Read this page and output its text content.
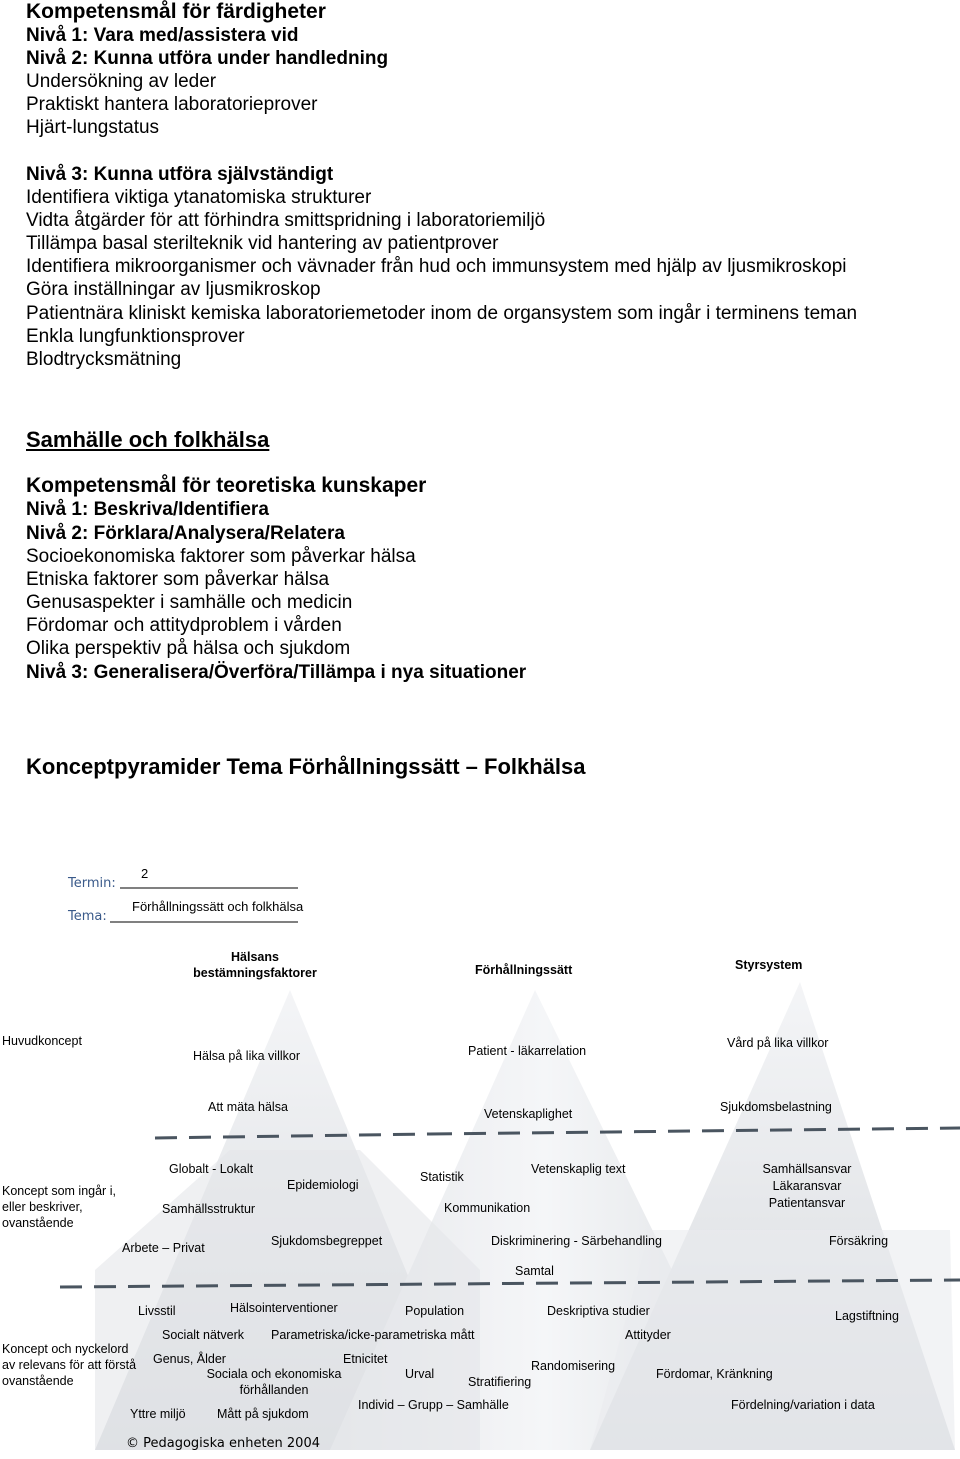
Kompetensmål för färdigheter
Nivå 1: Vara med/assistera vid
Nivå 2: Kunna utföra under handledning
Undersökning av leder
Praktiskt hantera laboratorieprover
Hjärt-lungstatus
Nivå 3: Kunna utföra självständigt
Identifiera viktiga ytanatomiska strukturer
Vidta åtgärder för att förhindra smittspridning i laboratoriemiljö
Tillämpa basal sterilteknik vid hantering av patientprover
Identifiera mikroorganismer och vävnader från hud och immunsystem med hjälp av ljusmikroskopi
Göra inställningar av ljusmikroskop
Patientnära kliniskt kemiska laboratoriemetoder inom de organsystem som ingår i terminens teman
Enkla lungfunktionsprover
Blodtrycksmätning
Samhälle och folkhälsa
Kompetensmål för teoretiska kunskaper
Nivå 1: Beskriva/Identifiera
Nivå 2: Förklara/Analysera/Relatera
Socioekonomiska faktorer som påverkar hälsa
Etniska faktorer som påverkar hälsa
Genusaspekter i samhälle och medicin
Fördomar och attitydproblem i vården
Olika perspektiv på hälsa och sjukdom
Nivå 3: Generalisera/Överföra/Tillämpa i nya situationer
Konceptpyramider Tema Förhållningssätt – Folkhälsa
Termin:
2
Tema:
Förhållningssätt och folkhälsa
Hälsans bestämningsfaktorer	Förhållningssätt	Styrsystem
Huvudkoncept
Koncept som ingår i, eller beskriver, ovanstående
Koncept och nyckelord av relevans för att förstå ovanstående
Hälsa på lika villkor	Patient - läkarrelation
Vård på lika villkor
Att mäta hälsa	Vetenskaplighet	Sjukdomsbelastning
Globalt - Lokalt
Epidemiologi
Samhällsstruktur
Arbete – Privat	Sjukdomsbegreppet
Statistik
Vetenskaplig text
Kommunikation
Diskriminering - Särbehandling
Samtal
Samhällsansvar
Läkaransvar
Patientansvar
Försäkring
Livsstil	Hälsointerventioner	Population	Deskriptiva studier	Lagstiftning
Socialt nätverk Parametriska/icke-parametriska mått	Attityder
Genus, Ålder	Etnicitet	Randomisering
Sociala och ekonomiska förhållanden
Urval
Stratifiering
Fördomar, Kränkning
Yttre miljö	Mått på sjukdom
Individ – Grupp – Samhälle	Fördelning/variation i data
© Pedagogiska enheten 2004
